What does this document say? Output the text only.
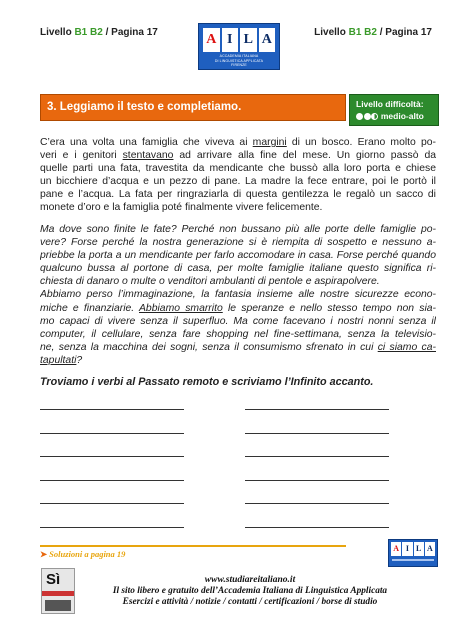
Livello B1 B2 / Pagina 17	Livello B1 B2 / Pagina 17
A I L A
ACCADEMIA ITALIANA
DI LINGUISTICA APPLICATA
FIRENZE
3. Leggiamo il testo e completiamo.	Livello difficoltà:
medio-alto
C’era una volta una famiglia che viveva ai margini di un bosco. Erano molto po-
veri e i genitori stentavano ad arrivare alla fine del mese. Un giorno passò da
quelle parti una fata, travestita da mendicante che bussò alla loro porta e chiese
un bicchiere d’acqua e un pezzo di pane. La madre la fece entrare, poi le portò il
pane e l’acqua. La fata per ringraziarla di questa gentilezza le regalò un sacco di
monete d’oro e la famiglia poté finalmente vivere felicemente.
Ma dove sono finite le fate? Perché non bussano più alle porte delle famiglie po-
vere? Forse perché la nostra generazione si è riempita di sospetto e nessuno a-
priebbe la porta a un mendicante per farlo accomodare in casa. Forse perché quando
qualcuno bussa al portone di casa, per molte famiglie italiane questo significa ri-
chiesta di danaro o multe o venditori ambulanti di pentole e aspirapolvere.
Abbiamo perso l’immaginazione, la fantasia insieme alle nostre sicurezze econo-
miche e finanziarie. Abbiamo smarrito le speranze e nello stesso tempo non sia-
mo capaci di vivere senza il superfluo. Ma come facevano i nostri nonni senza il
computer, il cellulare, senza fare shopping nel fine-settimana, senza la televisio-
ne, senza la macchina dei sogni, senza il consumismo sfrenato in cui ci siamo ca-
tapultati?
Troviamo i verbi al Passato remoto e scriviamo l’Infinito accanto.
➤ Soluzioni a pagina 19
A I L A
Sì	www.studiareitaliano.it
Il sito libero e gratuito dell’Accademia Italiana di Linguistica Applicata
Esercizi e attività / notizie / contatti / certificazioni / borse di studio
